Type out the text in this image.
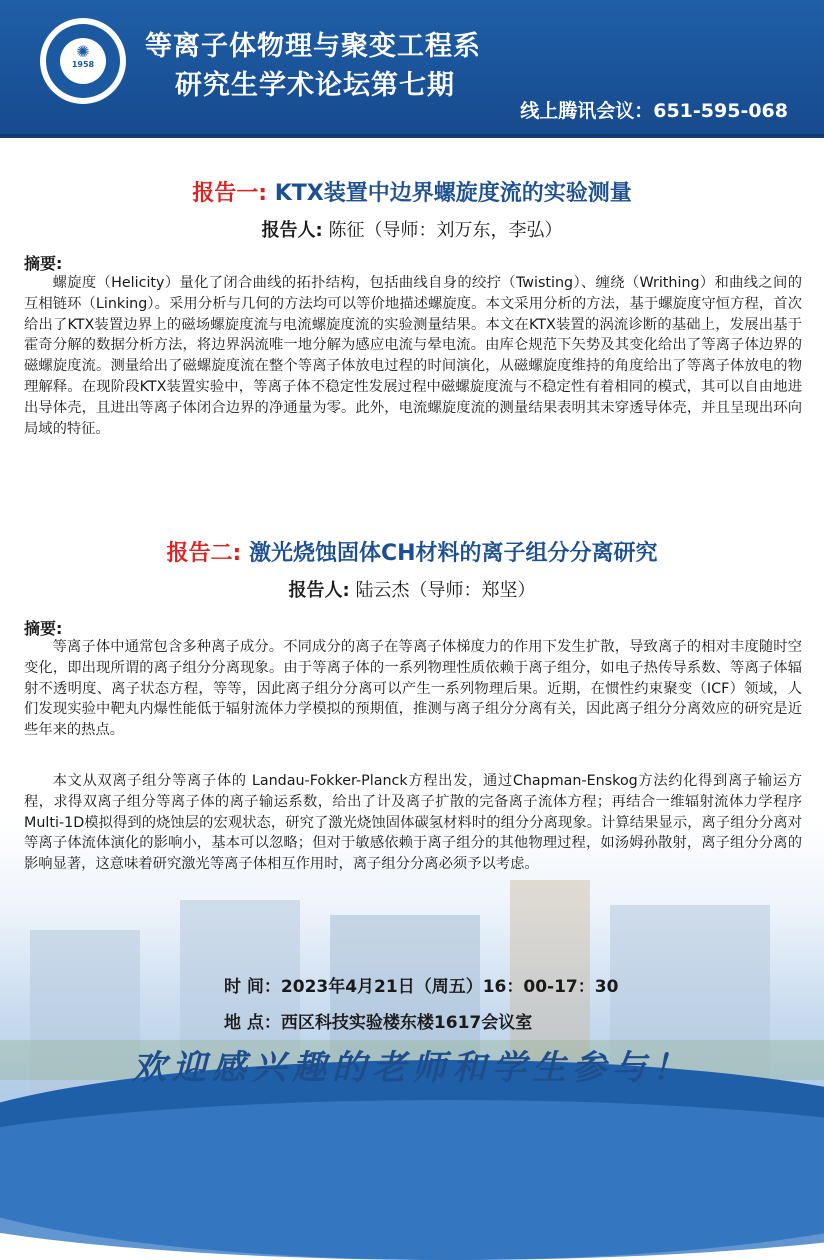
✺
1958
等离子体物理与聚变工程系
研究生学术论坛第七期
线上腾讯会议：651-595-068
报告一: KTX装置中边界螺旋度流的实验测量
报告人: 陈征（导师：刘万东，李弘）
摘要:

螺旋度（Helicity）量化了闭合曲线的拓扑结构，包括曲线自身的绞拧（Twisting）、缠绕（Writhing）和曲线之间的互相链环（Linking）。采用分析与几何的方法均可以等价地描述螺旋度。本文采用分析的方法，基于螺旋度守恒方程，首次给出了KTX装置边界上的磁场螺旋度流与电流螺旋度流的实验测量结果。本文在KTX装置的涡流诊断的基础上，发展出基于霍奇分解的数据分析方法，将边界涡流唯一地分解为感应电流与晕电流。由库仑规范下矢势及其变化给出了等离子体边界的磁螺旋度流。测量给出了磁螺旋度流在整个等离子体放电过程的时间演化，从磁螺旋度维持的角度给出了等离子体放电的物理解释。在现阶段KTX装置实验中，等离子体不稳定性发展过程中磁螺旋度流与不稳定性有着相同的模式，其可以自由地进出导体壳，且进出等离子体闭合边界的净通量为零。此外，电流螺旋度流的测量结果表明其未穿透导体壳，并且呈现出环向局域的特征。

报告二: 激光烧蚀固体CH材料的离子组分分离研究
报告人: 陆云杰（导师：郑坚）
摘要:

等离子体中通常包含多种离子成分。不同成分的离子在等离子体梯度力的作用下发生扩散，导致离子的相对丰度随时空变化，即出现所谓的离子组分分离现象。由于等离子体的一系列物理性质依赖于离子组分，如电子热传导系数、等离子体辐射不透明度、离子状态方程，等等，因此离子组分分离可以产生一系列物理后果。近期，在惯性约束聚变（ICF）领域，人们发现实验中靶丸内爆性能低于辐射流体力学模拟的预期值，推测与离子组分分离有关，因此离子组分分离效应的研究是近些年来的热点。

本文从双离子组分等离子体的 Landau-Fokker-Planck方程出发，通过Chapman-Enskog方法约化得到离子输运方程，求得双离子组分等离子体的离子输运系数，给出了计及离子扩散的完备离子流体方程；再结合一维辐射流体力学程序 Multi-1D模拟得到的烧蚀层的宏观状态，研究了激光烧蚀固体碳氢材料时的组分分离现象。计算结果显示，离子组分分离对等离子体流体演化的影响小，基本可以忽略；但对于敏感依赖于离子组分的其他物理过程，如汤姆孙散射，离子组分分离的影响显著，这意味着研究激光等离子体相互作用时，离子组分分离必须予以考虑。

时 间：2023年4月21日（周五）16：00-17：30
地 点：西区科技实验楼东楼1617会议室
欢迎感兴趣的老师和学生参与！
